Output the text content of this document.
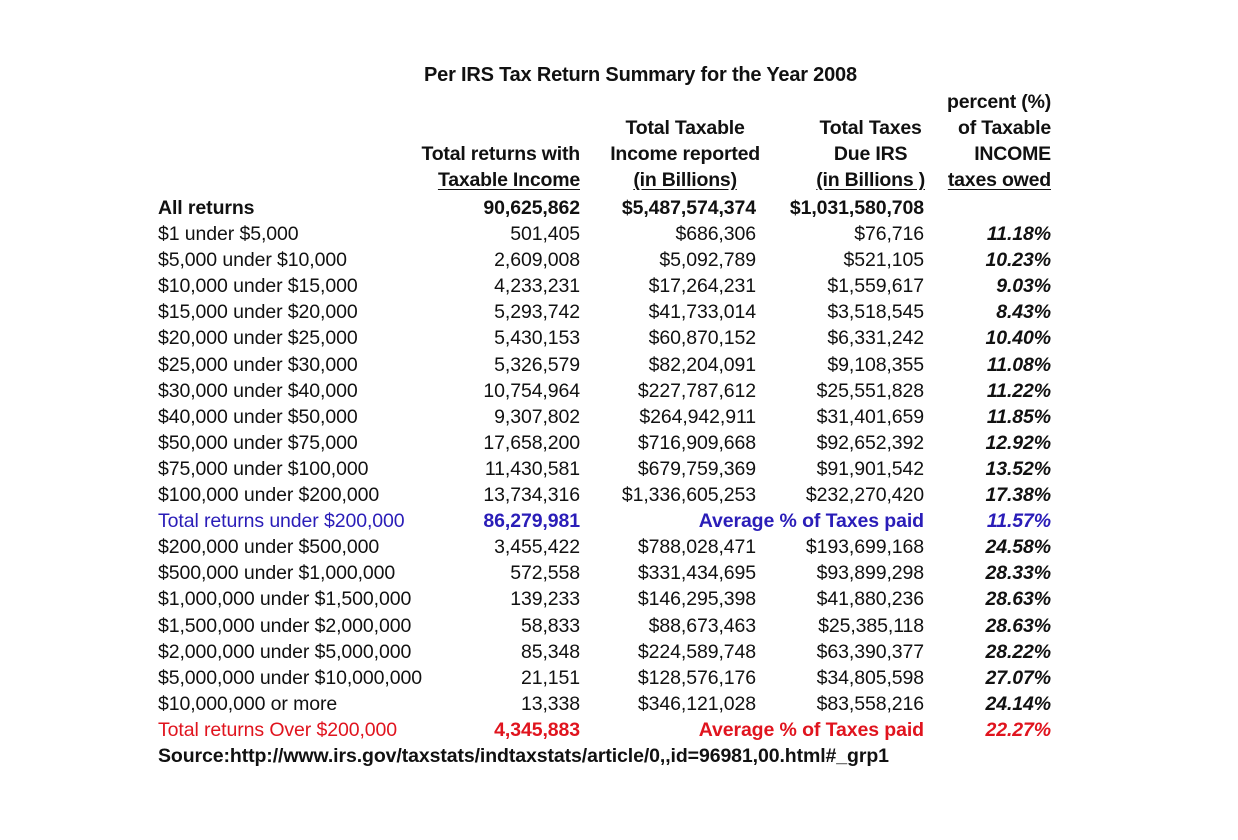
Per IRS Tax Return Summary for the Year 2008
Total returns with
Taxable Income
Total Taxable
Income reported
(in Billions)
Total Taxes
Due IRS
(in Billions )
percent (%)
of Taxable
INCOME
taxes owed
All returns	90,625,862 $5,487,574,374 $1,031,580,708
$1 under $5,000	501,405	$686,306	$76,716	11.18%
$5,000 under $10,000	2,609,008	$5,092,789	$521,105	10.23%
$10,000 under $15,000	4,233,231	$17,264,231	$1,559,617	9.03%
$15,000 under $20,000	5,293,742	$41,733,014	$3,518,545	8.43%
$20,000 under $25,000	5,430,153	$60,870,152	$6,331,242	10.40%
$25,000 under $30,000	5,326,579	$82,204,091	$9,108,355	11.08%
$30,000 under $40,000	10,754,964	$227,787,612	$25,551,828	11.22%
$40,000 under $50,000	9,307,802	$264,942,911	$31,401,659	11.85%
$50,000 under $75,000	17,658,200	$716,909,668	$92,652,392	12.92%
$75,000 under $100,000	11,430,581	$679,759,369	$91,901,542	13.52%
$100,000 under $200,000	13,734,316 $1,336,605,253	$232,270,420	17.38%
Total returns under $200,000	86,279,981	Average % of Taxes paid	11.57%
$200,000 under $500,000	3,455,422	$788,028,471	$193,699,168	24.58%
$500,000 under $1,000,000	572,558	$331,434,695	$93,899,298	28.33%
$1,000,000 under $1,500,000	139,233	$146,295,398	$41,880,236	28.63%
$1,500,000 under $2,000,000	58,833	$88,673,463	$25,385,118	28.63%
$2,000,000 under $5,000,000	85,348	$224,589,748	$63,390,377	28.22%
$5,000,000 under $10,000,000	21,151	$128,576,176	$34,805,598	27.07%
$10,000,000 or more	13,338	$346,121,028	$83,558,216	24.14%
Total returns Over $200,000	4,345,883	Average % of Taxes paid	22.27%
Source:http://www.irs.gov/taxstats/indtaxstats/article/0,,id=96981,00.html#_grp1
